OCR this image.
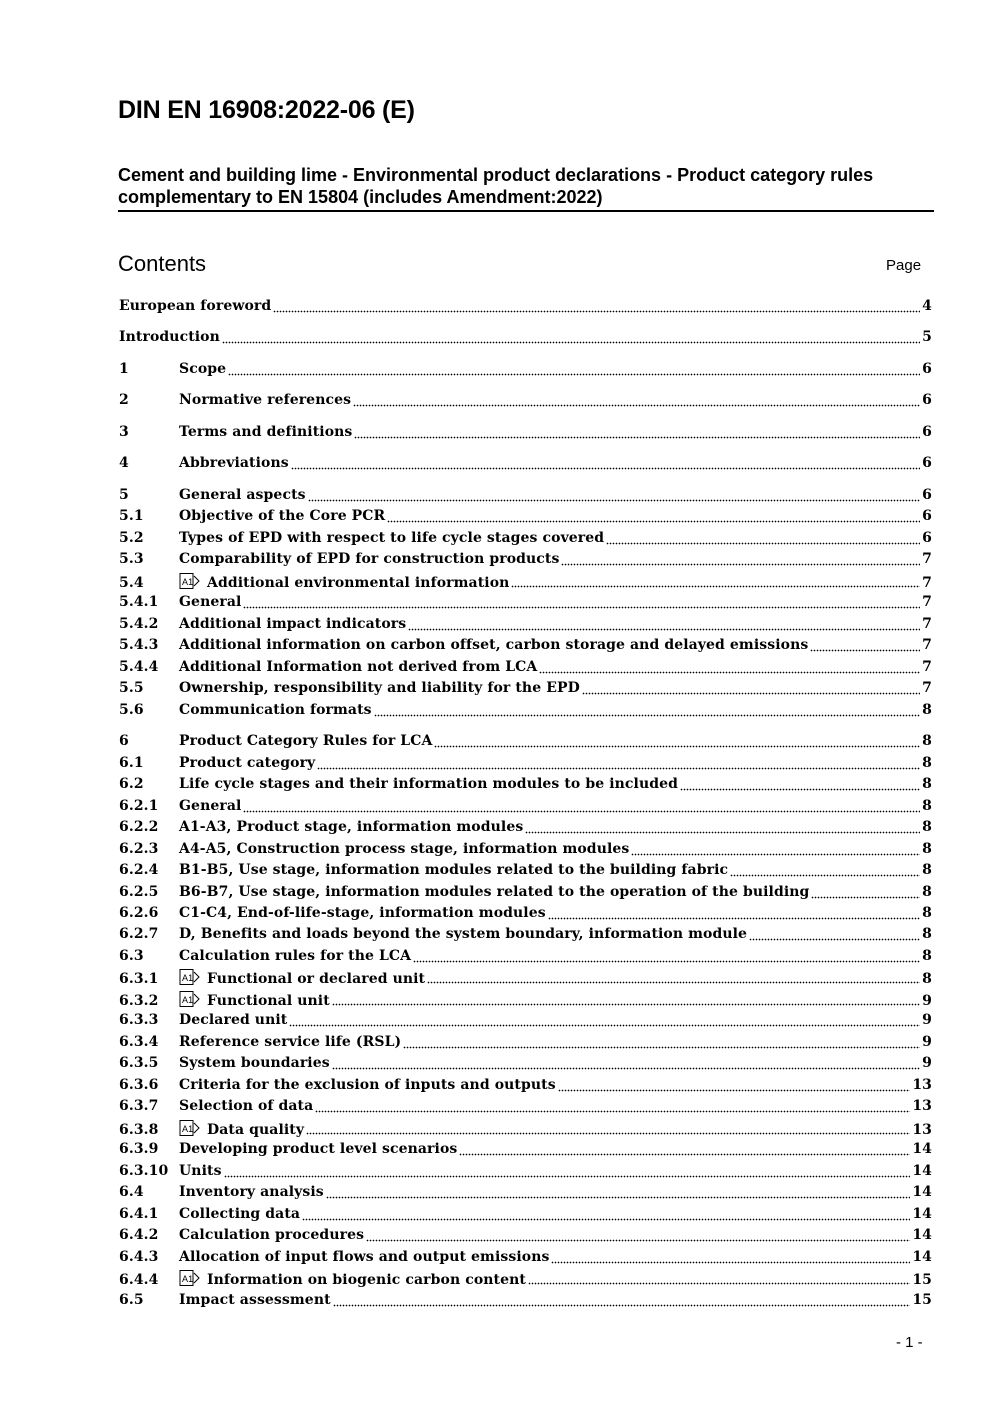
DIN EN 16908:2022-06 (E)
Cement and building lime - Environmental product declarations - Product category rules complementary to EN 15804 (includes Amendment:2022)
Contents	Page
European foreword	4
Introduction	5
1	Scope	6
2	Normative references	6
3	Terms and definitions	6
4	Abbreviations	6
5	General aspects	6
5.1	Objective of the Core PCR	6
5.2	Types of EPD with respect to life cycle stages covered	6
5.3	Comparability of EPD for construction products	7
5.4	A1 Additional environmental information	7
5.4.1	General	7
5.4.2	Additional impact indicators	7
5.4.3	Additional information on carbon offset, carbon storage and delayed emissions	7
5.4.4	Additional Information not derived from LCA	7
5.5	Ownership, responsibility and liability for the EPD	7
5.6	Communication formats	8
6	Product Category Rules for LCA	8
6.1	Product category	8
6.2	Life cycle stages and their information modules to be included	8
6.2.1	General	8
6.2.2	A1-A3, Product stage, information modules	8
6.2.3	A4-A5, Construction process stage, information modules	8
6.2.4	B1-B5, Use stage, information modules related to the building fabric	8
6.2.5	B6-B7, Use stage, information modules related to the operation of the building	8
6.2.6	C1-C4, End-of-life-stage, information modules	8
6.2.7	D, Benefits and loads beyond the system boundary, information module	8
6.3	Calculation rules for the LCA	8
6.3.1	A1 Functional or declared unit	8
6.3.2	A1 Functional unit	9
6.3.3	Declared unit	9
6.3.4	Reference service life (RSL)	9
6.3.5	System boundaries	9
6.3.6	Criteria for the exclusion of inputs and outputs	13
6.3.7	Selection of data	13
6.3.8	A1 Data quality	13
6.3.9	Developing product level scenarios	14
6.3.10 Units	14
6.4	Inventory analysis	14
6.4.1	Collecting data	14
6.4.2	Calculation procedures	14
6.4.3	Allocation of input flows and output emissions	14
6.4.4	A1 Information on biogenic carbon content	15
6.5	Impact assessment	15
- 1 -
